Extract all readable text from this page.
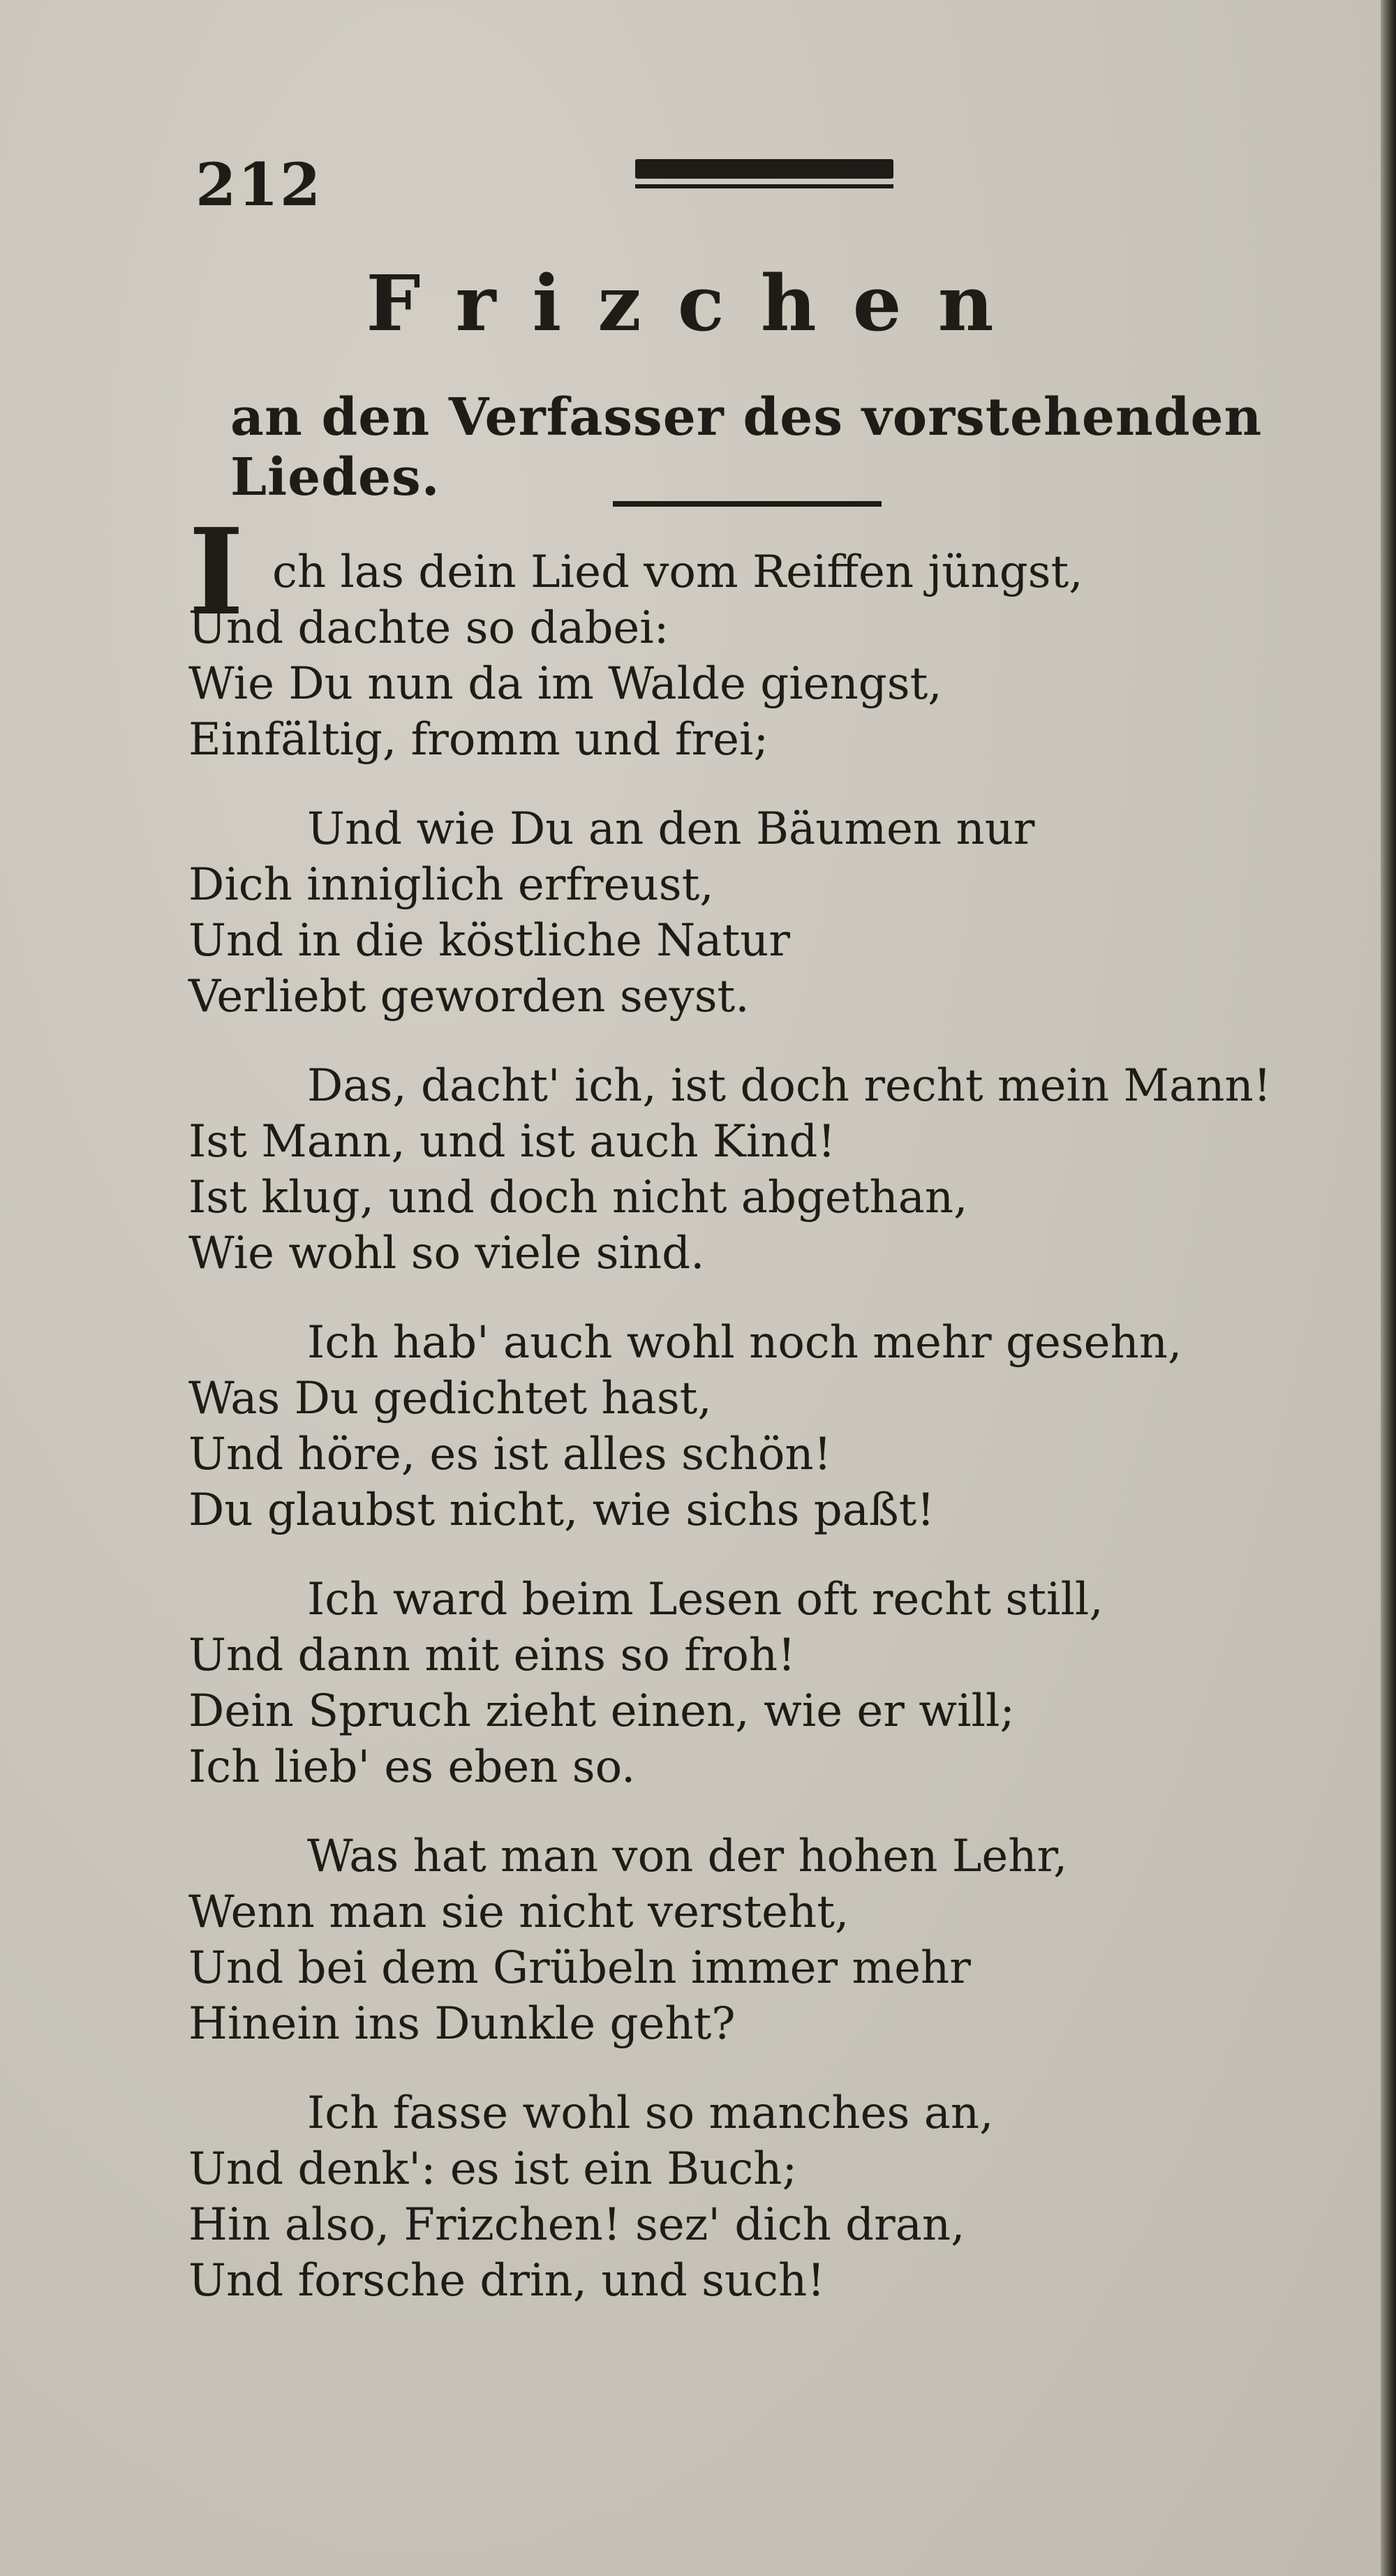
212
Frizchen
an den Verfasser des vorstehenden Liedes.
I ch las dein Lied vom Reiffen jüngst,
Und dachte so dabei:
Wie Du nun da im Walde giengst,
Einfältig, fromm und frei;
Und wie Du an den Bäumen nur
Dich inniglich erfreust,
Und in die köstliche Natur
Verliebt geworden seyst.
Das, dacht' ich, ist doch recht mein Mann!
Ist Mann, und ist auch Kind!
Ist klug, und doch nicht abgethan,
Wie wohl so viele sind.
Ich hab' auch wohl noch mehr gesehn,
Was Du gedichtet hast,
Und höre, es ist alles schön!
Du glaubst nicht, wie sichs paßt!
Ich ward beim Lesen oft recht still,
Und dann mit eins so froh!
Dein Spruch zieht einen, wie er will;
Ich lieb' es eben so.
Was hat man von der hohen Lehr,
Wenn man sie nicht versteht,
Und bei dem Grübeln immer mehr
Hinein ins Dunkle geht?
Ich fasse wohl so manches an,
Und denk': es ist ein Buch;
Hin also, Frizchen! sez' dich dran,
Und forsche drin, und such!
